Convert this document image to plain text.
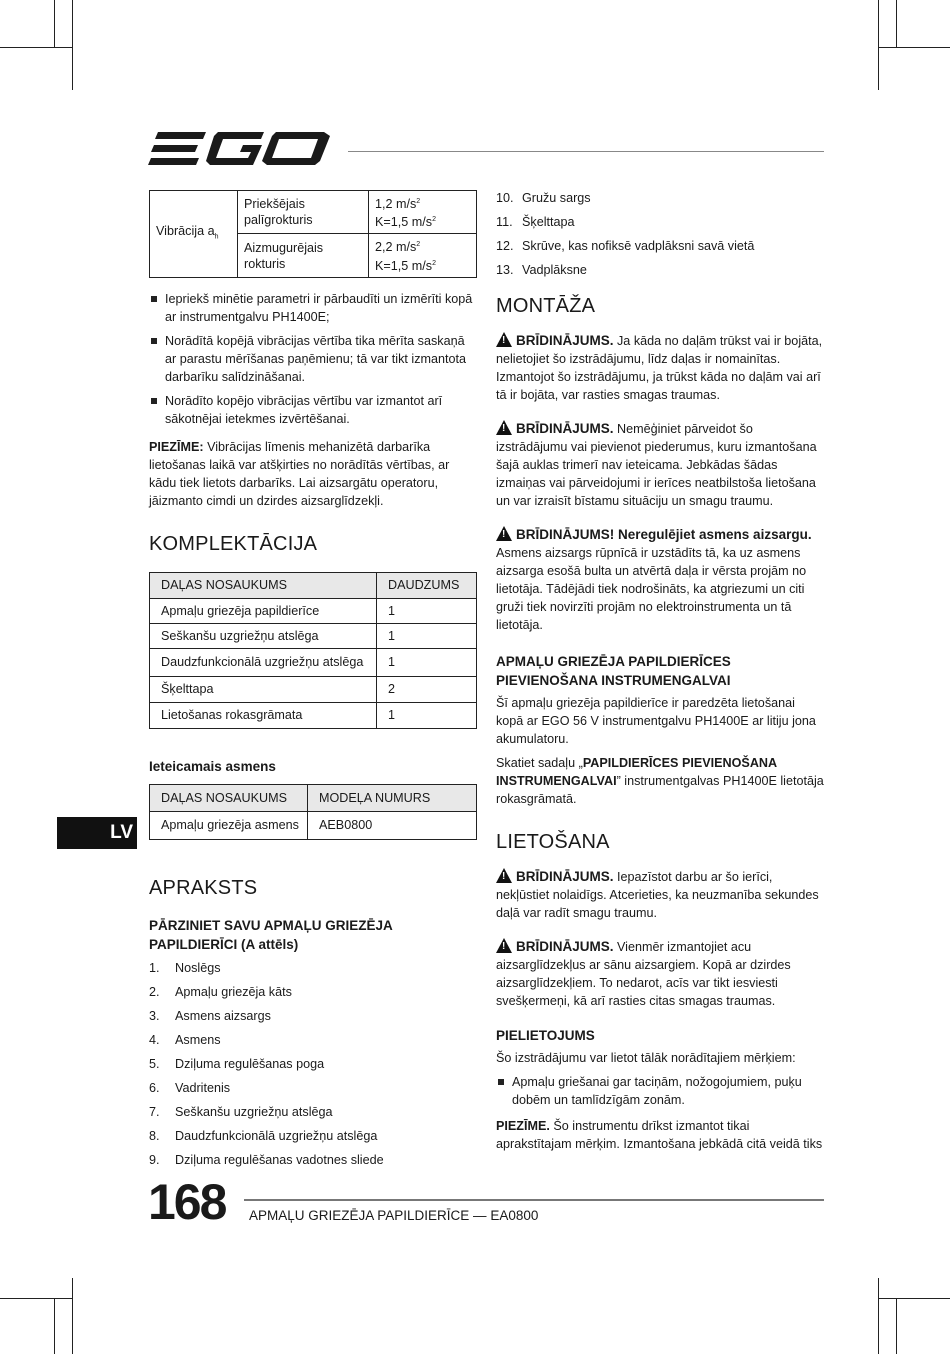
Vibrācija $a_h$	Priekšējais palīgrokturis	1,2 $m/s^2$
K=1,5 $m/s^2$
	Aizmugurējais rokturis	2,2 $m/s^2$
K=1,5 $m/s^2$
Iepriekš minētie parametri ir pārbaudīti un izmērīti kopā ar instrumentgalvu PH1400E;
Norādītā kopējā vibrācijas vērtība tika mērīta saskaņā ar parastu mērīšanas paņēmienu; tā var tikt izmantota darbarīku salīdzināšanai.
Norādīto kopējo vibrācijas vērtību var izmantot arī sākotnējai ietekmes izvērtēšanai.

PIEZĪME: Vibrācijas līmenis mehanizētā darbarīka lietošanas laikā var atšķirties no norādītās vērtības, ar kādu tiek lietots darbarīks. Lai aizsargātu operatoru, jāizmanto cimdi un dzirdes aizsarglīdzekļi.

KOMPLEKTĀCIJA
DAĻAS NOSAUKUMS	DAUDZUMS
Apmaļu griezēja papildierīce	1
Seškanšu uzgriežņu atslēga	1
Daudzfunkcionālā uzgriežņu atslēga	1
Šķelttapa	2
Lietošanas rokasgrāmata	1
Ieteicamais asmens
DAĻAS NOSAUKUMS	MODEĻA NUMURS
Apmaļu griezēja asmens	AEB0800
APRAKSTS
PĀRZINIET SAVU APMAĻU GRIEZĒJA PAPILDIERĪCI (A attēls)
1.	Noslēgs
2.	Apmaļu griezēja kāts
3.	Asmens aizsargs
4.	Asmens
5.	Dziļuma regulēšanas poga
6.	Vadritenis
7.	Seškanšu uzgriežņu atslēga
8.	Daudzfunkcionālā uzgriežņu atslēga
9.	Dziļuma regulēšanas vadotnes sliede
10. Gružu sargs
11. Šķelttapa
12. Skrūve, kas nofiksē vadplāksni savā vietā
13. Vadplāksne
MONTĀŽA

! BRĪDINĀJUMS. Ja kāda no daļām trūkst vai ir bojāta, nelietojiet šo izstrādājumu, līdz daļas ir nomainītas. Izmantojot šo izstrādājumu, ja trūkst kāda no daļām vai arī tā ir bojāta, var rasties smagas traumas.

! BRĪDINĀJUMS. Nemēģiniet pārveidot šo izstrādājumu vai pievienot piederumus, kuru izmantošana šajā auklas trimerī nav ieteicama. Jebkādas šādas izmaiņas vai pārveidojumi ir ierīces neatbilstoša lietošana un var izraisīt bīstamu situāciju un smagu traumu.

! BRĪDINĀJUMS! Neregulējiet asmens aizsargu. Asmens aizsargs rūpnīcā ir uzstādīts tā, ka uz asmens aizsarga esošā bulta un atvērtā daļa ir vērsta projām no lietotāja. Tādējādi tiek nodrošināts, ka atgriezumi un citi gruži tiek novirzīti projām no elektroinstrumenta un tā lietotāja.

APMAĻU GRIEZĒJA PAPILDIERĪCES PIEVIENOŠANA INSTRUMENGALVAI

Šī apmaļu griezēja papildierīce ir paredzēta lietošanai kopā ar EGO 56 V instrumentgalvu PH1400E ar litiju jona akumulatoru.

Skatiet sadaļu „PAPILDIERĪCES PIEVIENOŠANA INSTRUMENGALVAI” instrumentgalvas PH1400E lietotāja rokasgrāmatā.

LIETOŠANA

! BRĪDINĀJUMS. Iepazīstot darbu ar šo ierīci, nekļūstiet nolaidīgs. Atcerieties, ka neuzmanība sekundes daļā var radīt smagu traumu.

! BRĪDINĀJUMS. Vienmēr izmantojiet acu aizsarglīdzekļus ar sānu aizsargiem. Kopā ar dzirdes aizsarglīdzekļiem. To nedarot, acīs var tikt iesviesti svešķermeņi, kā arī rasties citas smagas traumas.

PIELIETOJUMS

Šo izstrādājumu var lietot tālāk norādītajiem mērķiem:

Apmaļu griešanai gar taciņām, nožogojumiem, puķu dobēm un tamlīdzīgām zonām.

PIEZĪME. Šo instrumentu drīkst izmantot tikai aprakstītajam mērķim. Izmantošana jebkādā citā veidā tiks

LV
168 APMAĻU GRIEZĒJA PAPILDIERĪCE — EA0800
